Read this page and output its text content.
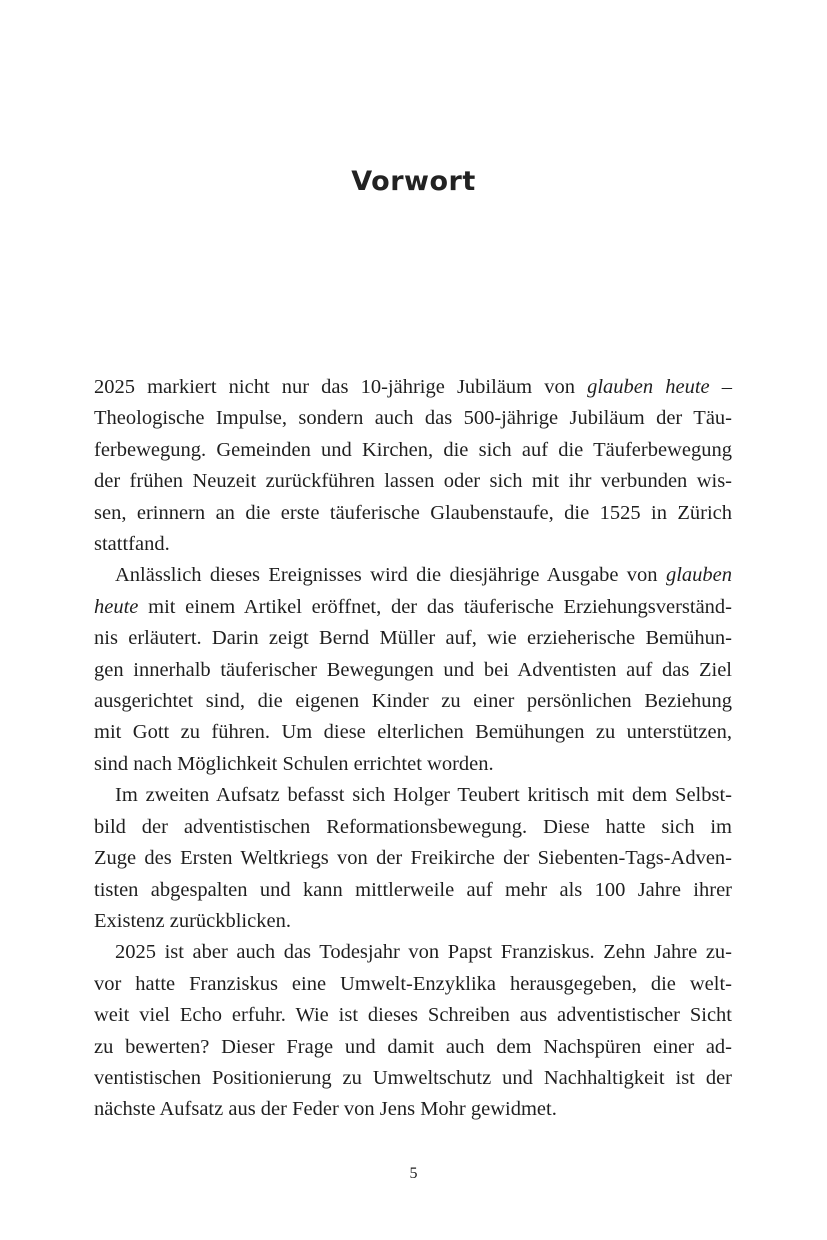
Vorwort
2025 markiert nicht nur das 10-jährige Jubiläum von glauben heute –
Theologische Impulse, sondern auch das 500-jährige Jubiläum der Täu-
ferbewegung. Gemeinden und Kirchen, die sich auf die Täuferbewegung
der frühen Neuzeit zurückführen lassen oder sich mit ihr verbunden wis-
sen, erinnern an die erste täuferische Glaubenstaufe, die 1525 in Zürich
stattfand.
Anlässlich dieses Ereignisses wird die diesjährige Ausgabe von glauben
heute mit einem Artikel eröffnet, der das täuferische Erziehungsverständ-
nis erläutert. Darin zeigt Bernd Müller auf, wie erzieherische Bemühun-
gen innerhalb täuferischer Bewegungen und bei Adventisten auf das Ziel
ausgerichtet sind, die eigenen Kinder zu einer persönlichen Beziehung
mit Gott zu führen. Um diese elterlichen Bemühungen zu unterstützen,
sind nach Möglichkeit Schulen errichtet worden.
Im zweiten Aufsatz befasst sich Holger Teubert kritisch mit dem Selbst-
bild der adventistischen Reformationsbewegung. Diese hatte sich im
Zuge des Ersten Weltkriegs von der Freikirche der Siebenten-Tags-Adven-
tisten abgespalten und kann mittlerweile auf mehr als 100 Jahre ihrer
Existenz zurückblicken.
2025 ist aber auch das Todesjahr von Papst Franziskus. Zehn Jahre zu-
vor hatte Franziskus eine Umwelt-Enzyklika herausgegeben, die welt-
weit viel Echo erfuhr. Wie ist dieses Schreiben aus adventistischer Sicht
zu bewerten? Dieser Frage und damit auch dem Nachspüren einer ad-
ventistischen Positionierung zu Umweltschutz und Nachhaltigkeit ist der
nächste Aufsatz aus der Feder von Jens Mohr gewidmet.
5
